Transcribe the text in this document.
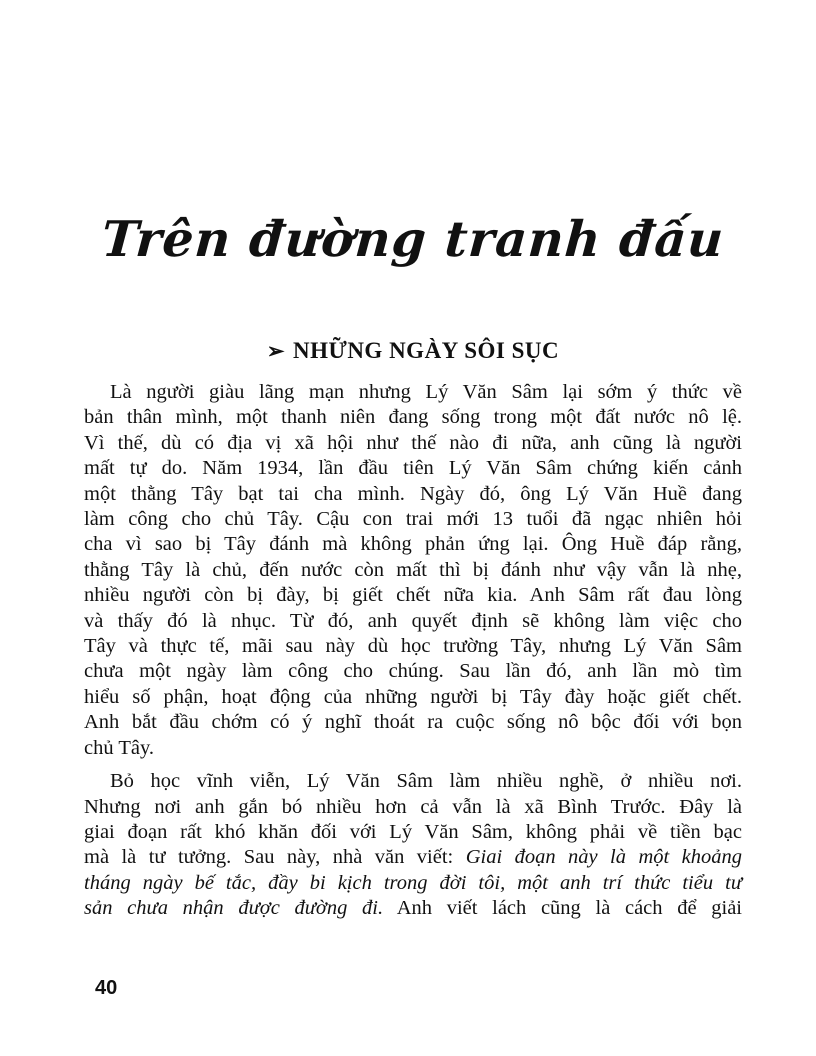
Trên đường tranh đấu
➢ NHỮNG NGÀY SÔI SỤC
Là người giàu lãng mạn nhưng Lý Văn Sâm lại sớm ý thức về
bản thân mình, một thanh niên đang sống trong một đất nước nô lệ.
Vì thế, dù có địa vị xã hội như thế nào đi nữa, anh cũng là người
mất tự do. Năm 1934, lần đầu tiên Lý Văn Sâm chứng kiến cảnh
một thằng Tây bạt tai cha mình. Ngày đó, ông Lý Văn Huề đang
làm công cho chủ Tây. Cậu con trai mới 13 tuổi đã ngạc nhiên hỏi
cha vì sao bị Tây đánh mà không phản ứng lại. Ông Huề đáp rằng,
thằng Tây là chủ, đến nước còn mất thì bị đánh như vậy vẫn là nhẹ,
nhiều người còn bị đày, bị giết chết nữa kia. Anh Sâm rất đau lòng
và thấy đó là nhục. Từ đó, anh quyết định sẽ không làm việc cho
Tây và thực tế, mãi sau này dù học trường Tây, nhưng Lý Văn Sâm
chưa một ngày làm công cho chúng. Sau lần đó, anh lần mò tìm
hiểu số phận, hoạt động của những người bị Tây đày hoặc giết chết.
Anh bắt đầu chớm có ý nghĩ thoát ra cuộc sống nô bộc đối với bọn
chủ Tây.
Bỏ học vĩnh viễn, Lý Văn Sâm làm nhiều nghề, ở nhiều nơi.
Nhưng nơi anh gắn bó nhiều hơn cả vẫn là xã Bình Trước. Đây là
giai đoạn rất khó khăn đối với Lý Văn Sâm, không phải về tiền bạc
mà là tư tưởng. Sau này, nhà văn viết: Giai đoạn này là một khoảng
tháng ngày bế tắc, đầy bi kịch trong đời tôi, một anh trí thức tiểu tư
sản chưa nhận được đường đi. Anh viết lách cũng là cách để giải
40
